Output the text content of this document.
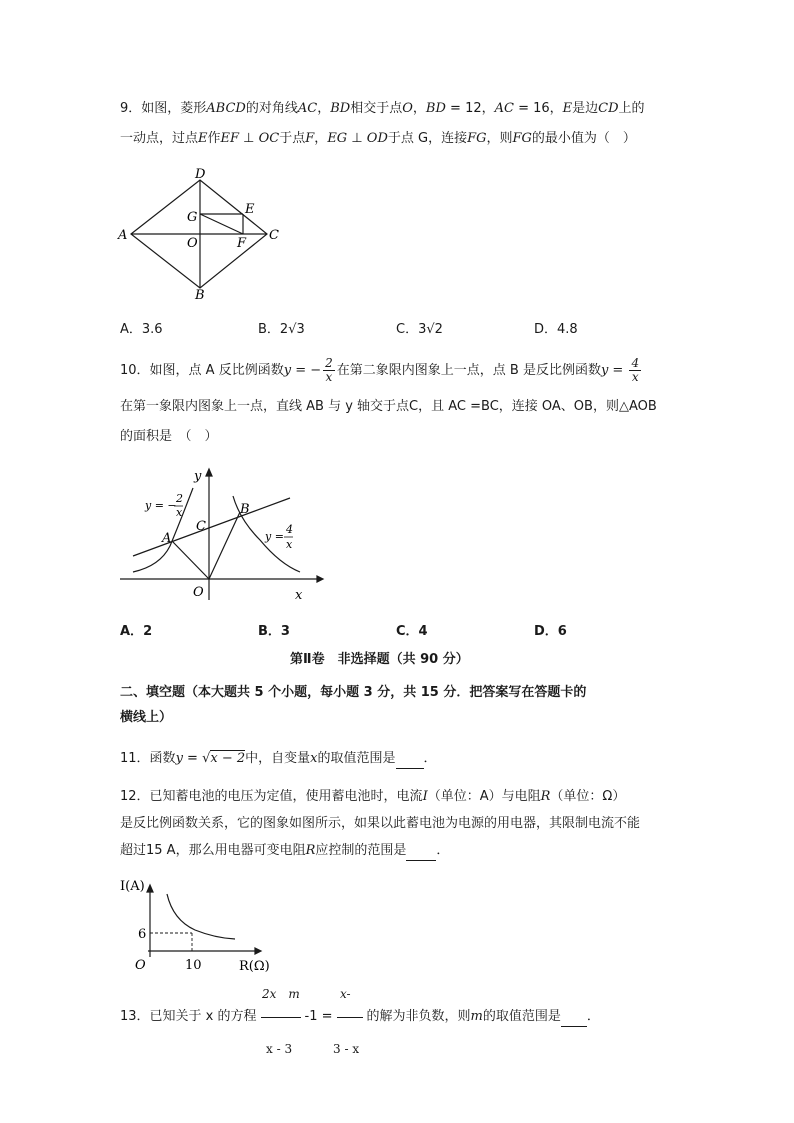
9．如图，菱形ABCD的对角线AC，BD相交于点O，BD = 12，AC = 16，E是边CD上的
一动点，过点E作EF ⊥ OC于点F，EG ⊥ OD于点 G，连接FG，则FG的最小值为（　）
D
A	C
B
G
E
O	F
A．3.6	B．2√3	C．3√2	D．4.8
10．如图，点 A 反比例函数y = − $\frac{2}{x}$ 在第二象限内图象上一点，点 B 是反比例函数$y = \frac{4}{x}$
在第一象限内图象上一点，直线 AB 与 y 轴交于点C，且 AC =BC，连接 OA、OB，则△AOB
的面积是　（　）
y
x
O
A
B
C
y = −
2
x
y =
4
x
A．2	B．3	C．4	D．6
第Ⅱ卷　非选择题（共 90 分）
二、填空题（本大题共 5 个小题，每小题 3 分，共 15 分．把答案写在答题卡的
横线上）
11．函数y = √x − 2中，自变量x的取值范围是 ．
12．已知蓄电池的电压为定值，使用蓄电池时，电流I（单位：A）与电阻R（单位：Ω）
是反比例函数关系，它的图象如图所示，如果以此蓄电池为电源的用电器，其限制电流不能
超过15 A，那么用电器可变电阻R应控制的范围是 ．
I(A)
R(Ω)
O
6
10
2x　m	x-
13．已知关于 x 的方程	-1 =	的解为非负数，则m的取值范围是 ．
x - 3	3 - x
